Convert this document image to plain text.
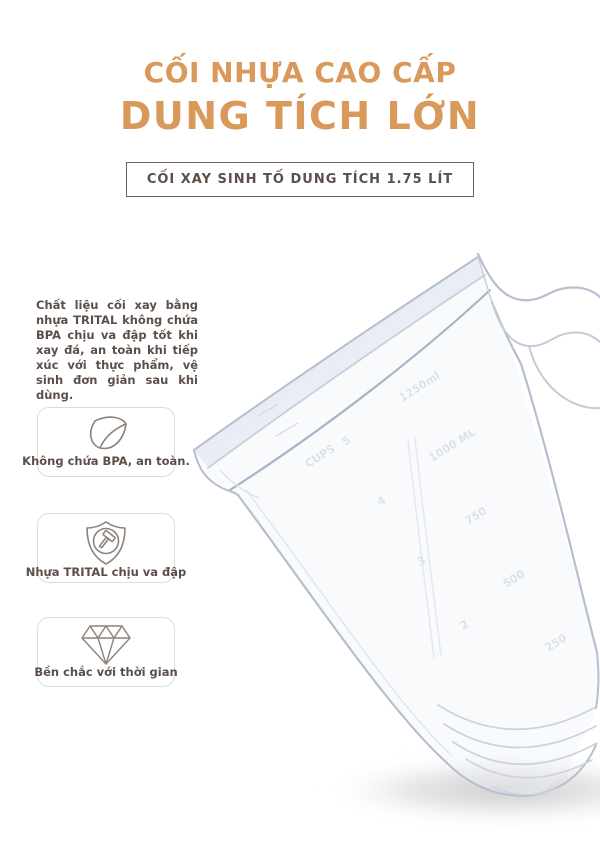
CỐI NHỰA CAO CẤP
DUNG TÍCH LỚN
CỐI XAY SINH TỐ DUNG TÍCH 1.75 LÍT
Chất liệu cối xay bằng nhựa TRITAL không chứa BPA chịu va đập tốt khi xay đá, an toàn khi tiếp xúc với thực phẩm, vệ sinh đơn giản sau khi dùng.
Không chứa BPA, an toàn.
Nhựa TRITAL chịu va đập
Bền chắc với thời gian
CUPS
5
1250ml
4
1000 ML
3
750
2
500
250
